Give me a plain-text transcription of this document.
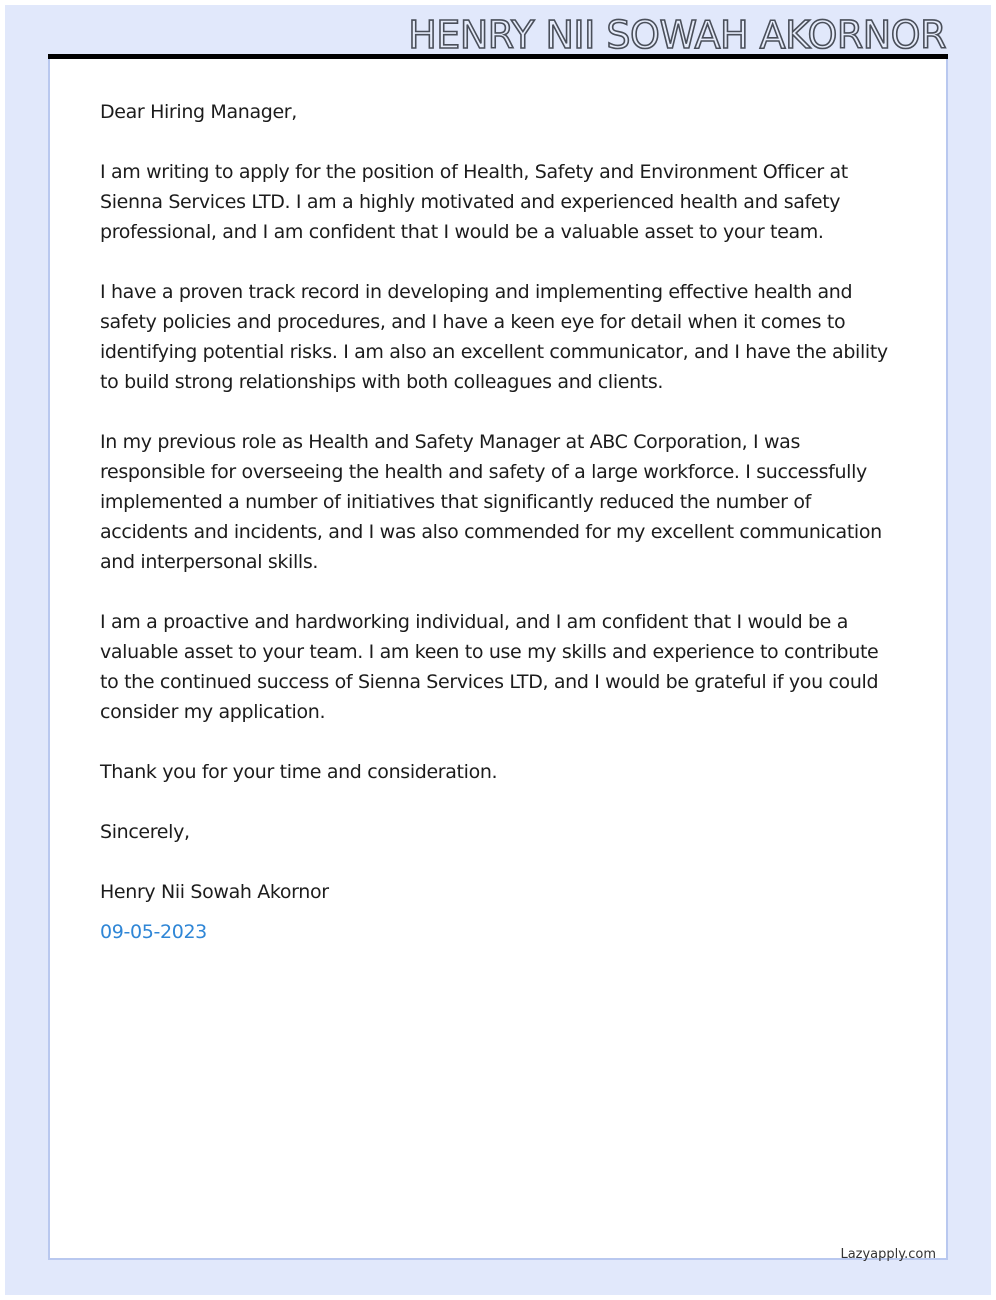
HENRY NII SOWAH AKORNOR

Dear Hiring Manager,

I am writing to apply for the position of Health, Safety and Environment Officer at Sienna Services LTD. I am a highly motivated and experienced health and safety professional, and I am confident that I would be a valuable asset to your team.

I have a proven track record in developing and implementing effective health and safety policies and procedures, and I have a keen eye for detail when it comes to identifying potential risks. I am also an excellent communicator, and I have the ability to build strong relationships with both colleagues and clients.

In my previous role as Health and Safety Manager at ABC Corporation, I was responsible for overseeing the health and safety of a large workforce. I successfully implemented a number of initiatives that significantly reduced the number of accidents and incidents, and I was also commended for my excellent communication and interpersonal skills.

I am a proactive and hardworking individual, and I am confident that I would be a valuable asset to your team. I am keen to use my skills and experience to contribute to the continued success of Sienna Services LTD, and I would be grateful if you could consider my application.

Thank you for your time and consideration.

Sincerely,

Henry Nii Sowah Akornor

09-05-2023

Lazyapply.com
